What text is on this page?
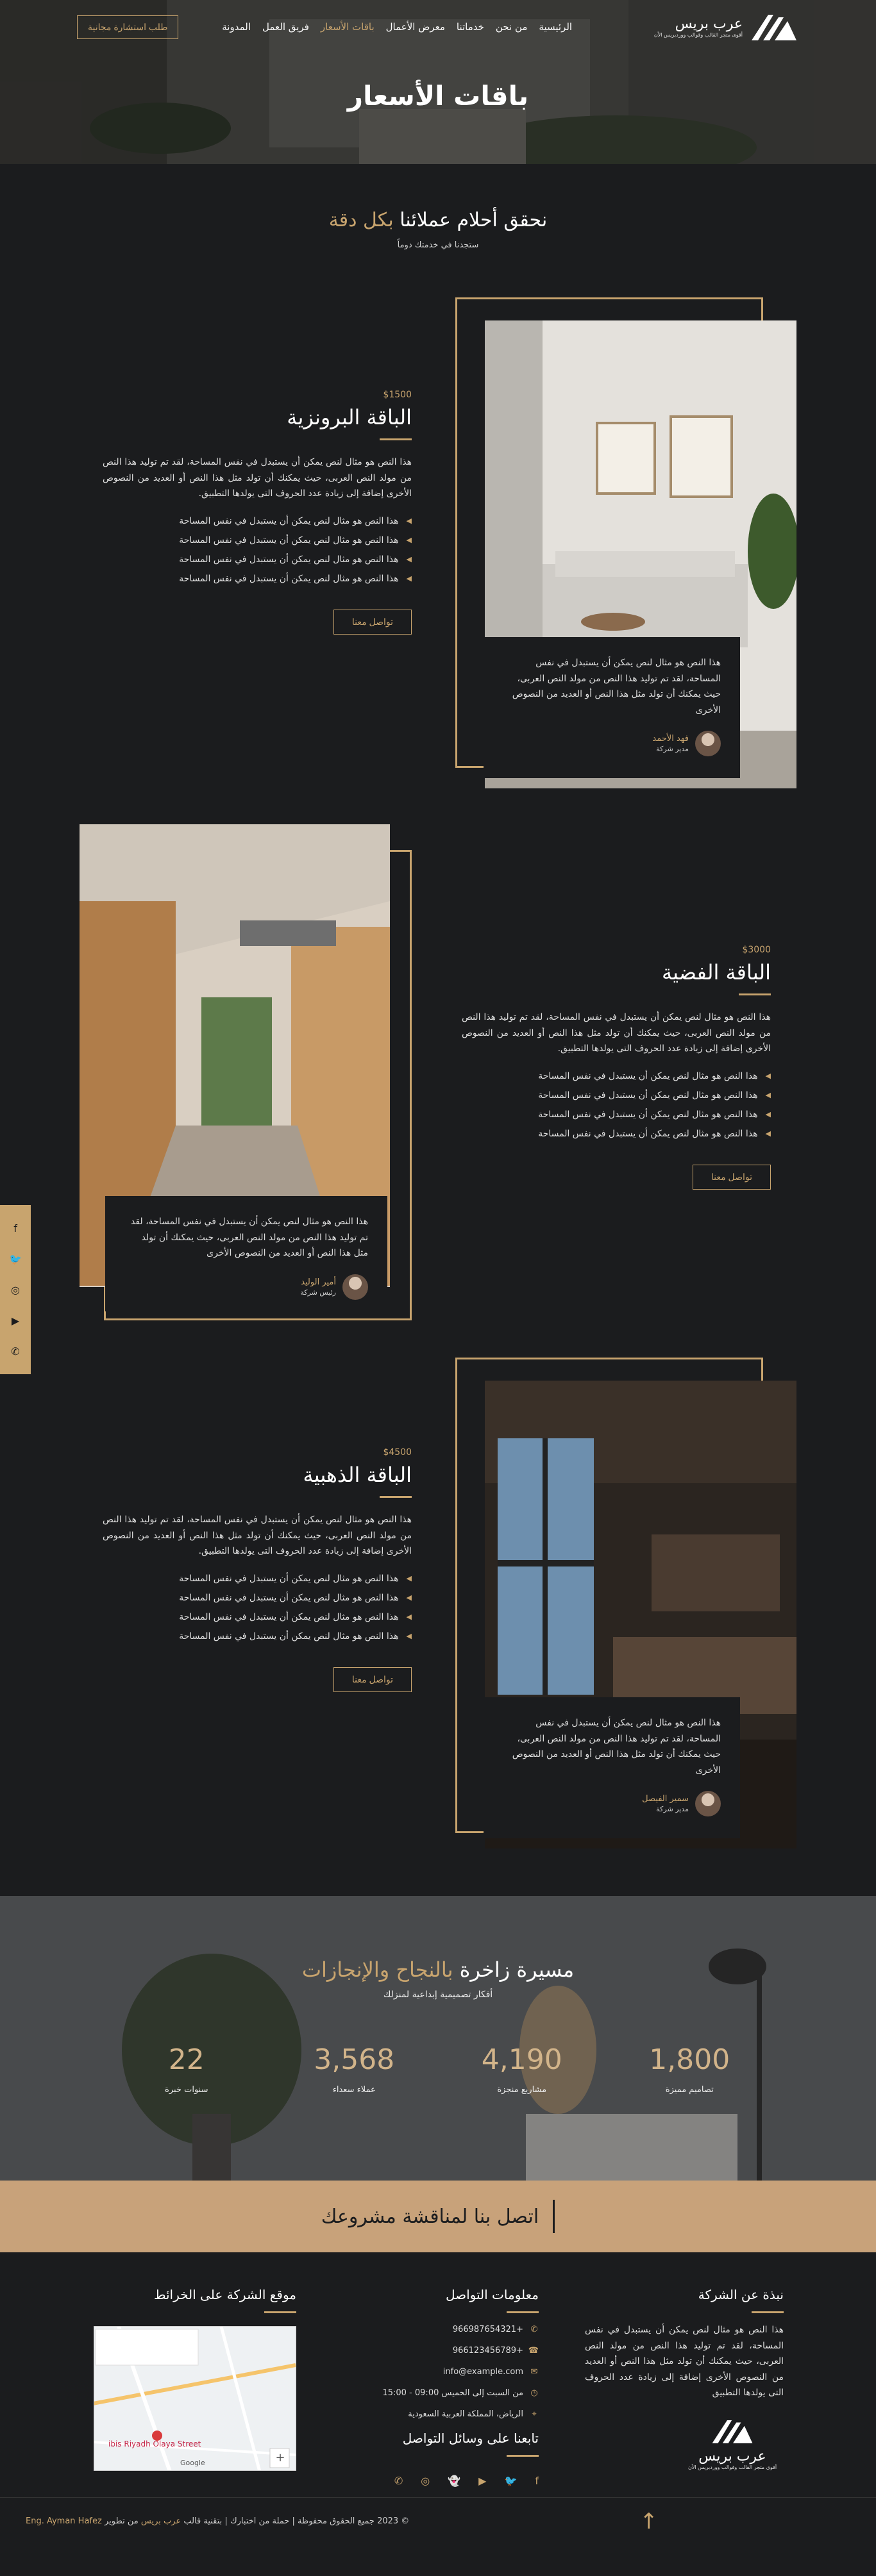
عرب بريس
أقوى متجر القالب وقوالب ووردبريس الأن
الرئيسية
من نحن
خدماتنا
معرض الأعمال
باقات الأسعار
فريق العمل
المدونة
طلب استشارة مجانية
باقات الأسعار
نحقق أحلام عملائنا بكل دقة

ستجدنا في خدمتك دوماً

هذا النص هو مثال لنص يمكن أن يستبدل في نفس المساحة، لقد تم توليد هذا النص من مولد النص العربى، حيث يمكنك أن تولد مثل هذا النص أو العديد من النصوص الأخرى

فهد الأحمد
مدير شركة
$1500
الباقة البرونزية

هذا النص هو مثال لنص يمكن أن يستبدل في نفس المساحة، لقد تم توليد هذا النص من مولد النص العربى، حيث يمكنك أن تولد مثل هذا النص أو العديد من النصوص الأخرى إضافة إلى زيادة عدد الحروف التى يولدها التطبيق.

◀
هذا النص هو مثال لنص يمكن أن يستبدل في نفس المساحة
◀
هذا النص هو مثال لنص يمكن أن يستبدل في نفس المساحة
◀
هذا النص هو مثال لنص يمكن أن يستبدل في نفس المساحة
◀
هذا النص هو مثال لنص يمكن أن يستبدل في نفس المساحة
تواصل معنا

هذا النص هو مثال لنص يمكن أن يستبدل في نفس المساحة، لقد تم توليد هذا النص من مولد النص العربى، حيث يمكنك أن تولد مثل هذا النص أو العديد من النصوص الأخرى

أمير الوليد
رئيس شركة
$3000
الباقة الفضية

هذا النص هو مثال لنص يمكن أن يستبدل في نفس المساحة، لقد تم توليد هذا النص من مولد النص العربى، حيث يمكنك أن تولد مثل هذا النص أو العديد من النصوص الأخرى إضافة إلى زيادة عدد الحروف التى يولدها التطبيق.

◀
هذا النص هو مثال لنص يمكن أن يستبدل في نفس المساحة
◀
هذا النص هو مثال لنص يمكن أن يستبدل في نفس المساحة
◀
هذا النص هو مثال لنص يمكن أن يستبدل في نفس المساحة
◀
هذا النص هو مثال لنص يمكن أن يستبدل في نفس المساحة
تواصل معنا

هذا النص هو مثال لنص يمكن أن يستبدل في نفس المساحة، لقد تم توليد هذا النص من مولد النص العربى، حيث يمكنك أن تولد مثل هذا النص أو العديد من النصوص الأخرى

سمير الفيصل
مدير شركة
$4500
الباقة الذهبية

هذا النص هو مثال لنص يمكن أن يستبدل في نفس المساحة، لقد تم توليد هذا النص من مولد النص العربى، حيث يمكنك أن تولد مثل هذا النص أو العديد من النصوص الأخرى إضافة إلى زيادة عدد الحروف التى يولدها التطبيق.

◀
هذا النص هو مثال لنص يمكن أن يستبدل في نفس المساحة
◀
هذا النص هو مثال لنص يمكن أن يستبدل في نفس المساحة
◀
هذا النص هو مثال لنص يمكن أن يستبدل في نفس المساحة
◀
هذا النص هو مثال لنص يمكن أن يستبدل في نفس المساحة
تواصل معنا
f
🐦
◎
▶
✆
مسيرة زاخرة بالنجاح والإنجازات

أفكار تصميمية إبداعية لمنزلك

1,800
تصاميم مميزة
4,190
مشاريع منجزة
3,568
عملاء سعداء
22
سنوات خبرة
اتصل بنا لمناقشة مشروعك
نبذة عن الشركة

هذا النص هو مثال لنص يمكن أن يستبدل في نفس المساحة، لقد تم توليد هذا النص من مولد النص العربى، حيث يمكنك أن تولد مثل هذا النص أو العديد من النصوص الأخرى إضافة إلى زيادة عدد الحروف التى يولدها التطبيق

عرب بريس
أقوى متجر القالب وقوالب ووردبريس الأن
معلومات التواصل
✆
+966987654321
☎
+966123456789
✉
info@example.com
◷
من السبت إلى الخميس 09:00 - 15:00
⌖
الرياض، المملكة العربية السعودية
تابعنا على وسائل التواصل
f
🐦
▶
👻
◎
✆
موقع الشركة على الخرائط
+
ibis Riyadh Olaya Street
Google
↑
© 2023 جميع الحقوق محفوظة | حملة من اختبارك | بتقنية قالب عرب بريس من تطوير Eng. Ayman Hafez
